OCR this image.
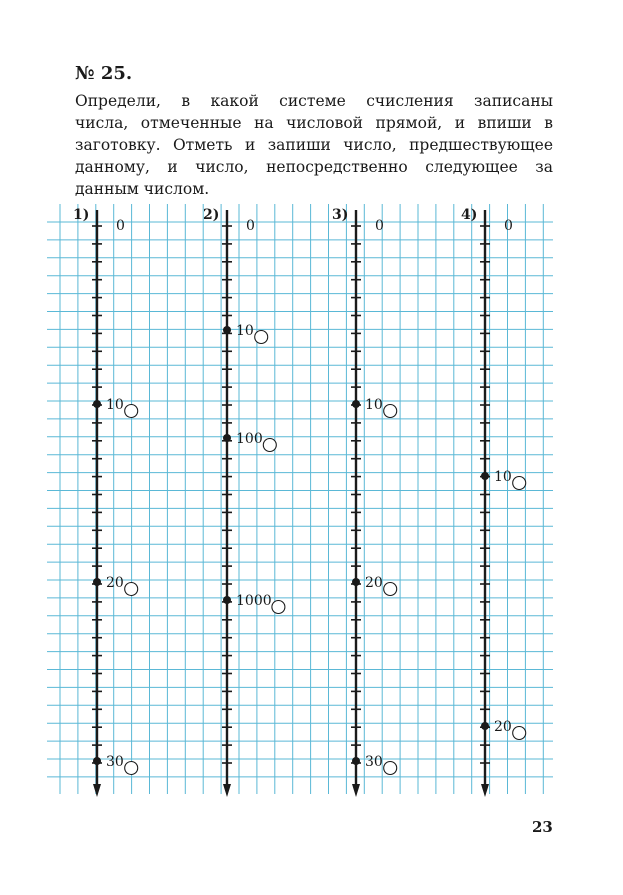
№ 25.
Определи, в какой системе счисления записаны
числа, отмеченные на числовой прямой, и впиши в
заготовку. Отметь и запиши число, предшествующее
данному, и число, непосредственно следующее за
данным числом.
1)
0
10
20
30
2)
0
10
100
1000
3)
0
10
20
30
4)
0
10
20

23
